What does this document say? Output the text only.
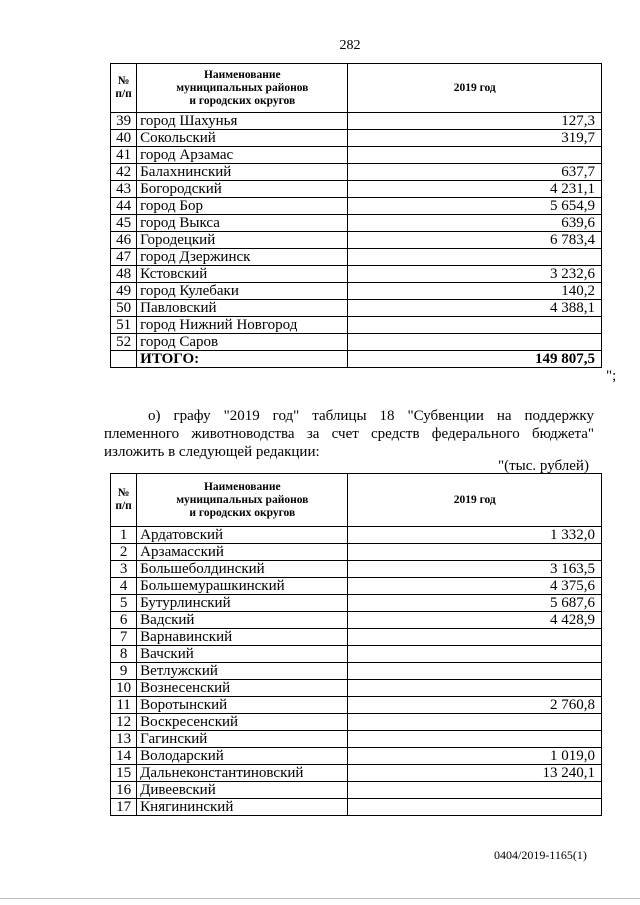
282
№
п/п	Наименование
муниципальных районов
и городских округов	2019 год
39	город Шахунья	127,3
40	Сокольский	319,7
41	город Арзамас	
42	Балахнинский	637,7
43	Богородский	4 231,1
44	город Бор	5 654,9
45	город Выкса	639,6
46	Городецкий	6 783,4
47	город Дзержинск	
48	Кстовский	3 232,6
49	город Кулебаки	140,2
50	Павловский	4 388,1
51	город Нижний Новгород	
52	город Саров	
	ИТОГО:	149 807,5
";
о) графу "2019 год" таблицы 18 "Субвенции на поддержку племенного животноводства за счет средств федерального бюджета" изложить в следующей редакции:
"(тыс. рублей)
№
п/п	Наименование
муниципальных районов
и городских округов	2019 год
1	Ардатовский	1 332,0
2	Арзамасский	
3	Большеболдинский	3 163,5
4	Большемурашкинский	4 375,6
5	Бутурлинский	5 687,6
6	Вадский	4 428,9
7	Варнавинский	
8	Вачский	
9	Ветлужский	
10	Вознесенский	
11	Воротынский	2 760,8
12	Воскресенский	
13	Гагинский	
14	Володарский	1 019,0
15	Дальнеконстантиновский	13 240,1
16	Дивеевский	
17	Княгининский	
0404/2019-1165(1)
